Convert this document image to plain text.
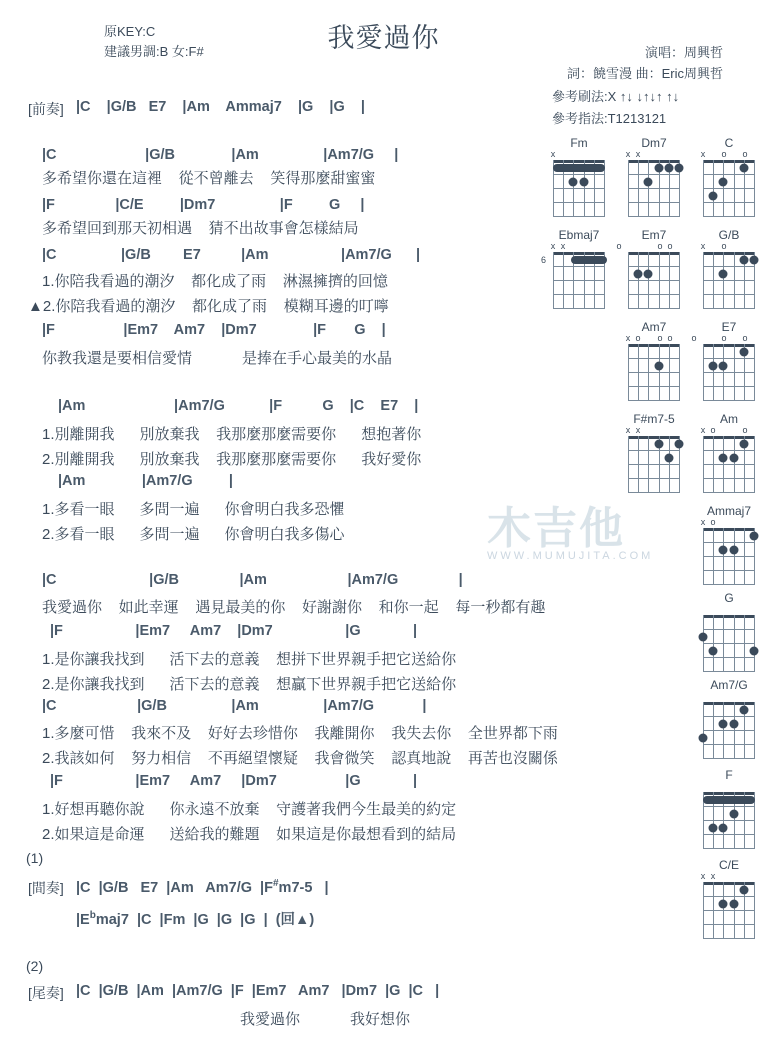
原KEY:C
建議男調:B 女:F#	我愛過你	演唱：周興哲
詞：饒雪漫 曲：Eric周興哲
參考刷法:X ↑↓ ↓↑↓↑ ↑↓
參考指法:T1213121
[前奏] |C    |G/B   E7    |Am    Ammaj7    |G    |G    |
|C                      |G/B              |Am                |Am7/G     |
多希望你還在這裡    從不曾離去    笑得那麼甜蜜蜜
|F               |C/E         |Dm7                |F         G     |
多希望回到那天初相遇    猜不出故事會怎樣結局
|C                |G/B        E7          |Am                  |Am7/G      |
1.你陪我看過的潮汐    都化成了雨    淋濕擁擠的回憶
▲2.你陪我看過的潮汐    都化成了雨    模糊耳邊的叮嚀
|F                 |Em7    Am7    |Dm7              |F       G    |
你教我還是要相信愛情            是捧在手心最美的水晶
|Am                      |Am7/G           |F          G    |C    E7    |
1.別離開我      別放棄我    我那麼那麼需要你      想抱著你
2.別離開我      別放棄我    我那麼那麼需要你      我好愛你
|Am              |Am7/G         |
1.多看一眼      多問一遍      你會明白我多恐懼
2.多看一眼      多問一遍      你會明白我多傷心
|C                       |G/B               |Am                    |Am7/G               |
我愛過你    如此幸運    遇見最美的你    好謝謝你    和你一起    每一秒都有趣
|F                  |Em7     Am7    |Dm7                  |G             |
1.是你讓我找到      活下去的意義    想拼下世界親手把它送給你
2.是你讓我找到      活下去的意義    想贏下世界親手把它送給你
|C                    |G/B                |Am                |Am7/G            |
1.多麼可惜    我來不及    好好去珍惜你    我離開你    我失去你    全世界都下雨
2.我該如何    努力相信    不再絕望懷疑    我會微笑    認真地說    再苦也沒關係
|F                  |Em7     Am7     |Dm7                 |G             |
1.好想再聽你說      你永遠不放棄    守護著我們今生最美的約定
2.如果這是命運      送給我的難題    如果這是你最想看到的結局
(1)
[間奏] |C  |G/B   E7  |Am   Am7/G  |F#m7-5   |
$|E^bmaj7$  |C  |Fm  |G  |G  |G  |  (回▲)
(2)
[尾奏] |C  |G/B  |Am  |Am7/G  |F  |Em7   Am7   |Dm7  |G  |C   |
我愛過你            我好想你
Fm
x
Dm7
x x
C
x o o
Ebmaj7
x x
6
Em7
o	o o
G/B
x o
Am7
x o o o
E7
o	o o
F#m7-5
x x
Am
x o	o
Ammaj7
x o
G
Am7/G
F
C/E
x x
木吉他
WWW.MUMUJITA.COM
